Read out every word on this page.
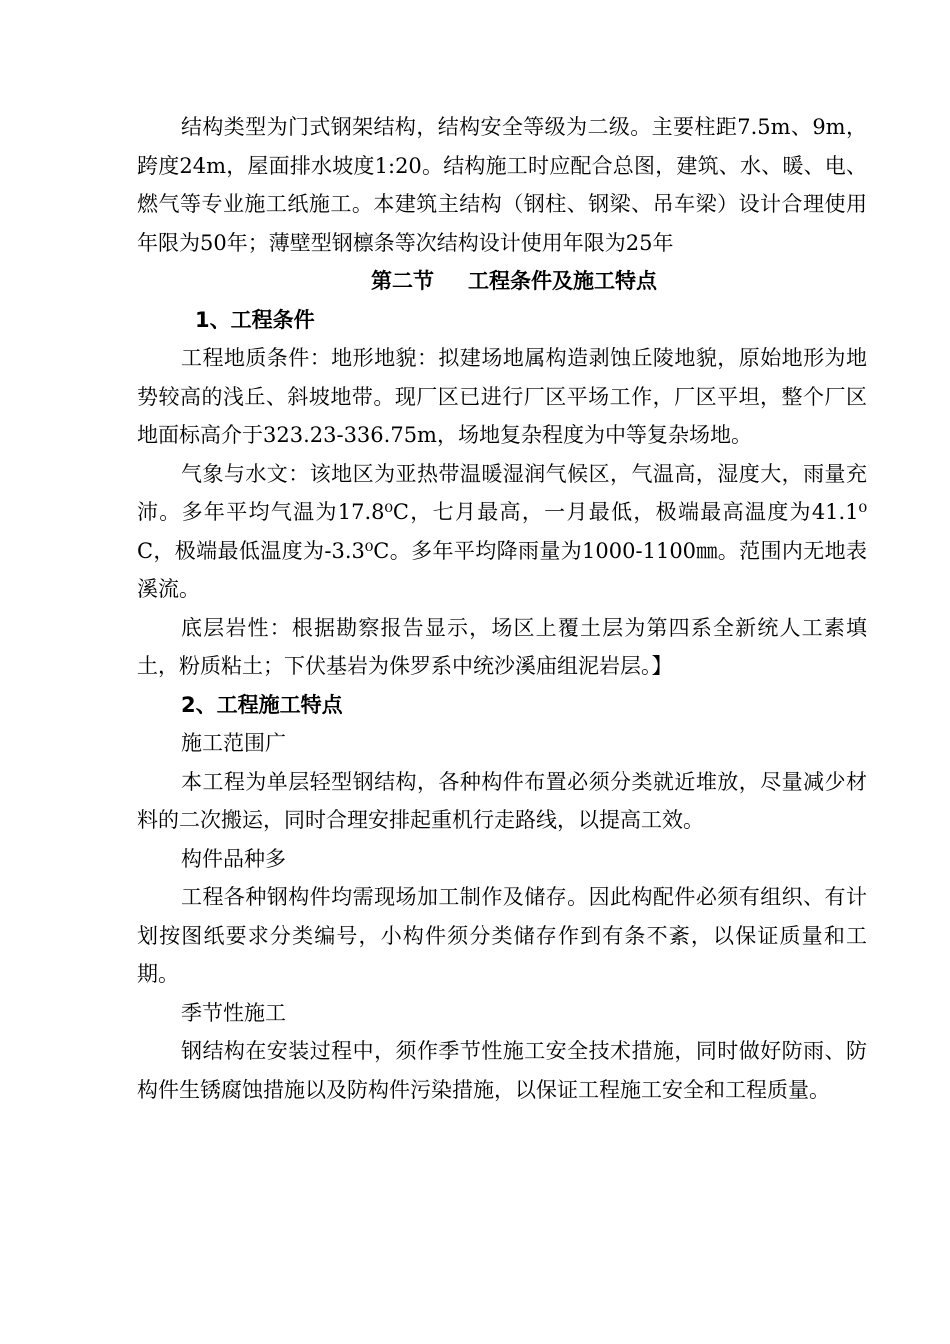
结构类型为门式钢架结构，结构安全等级为二级。主要柱距7.5m、9m，跨度24m，屋面排水坡度1:20。结构施工时应配合总图，建筑、水、暖、电、燃气等专业施工纸施工。本建筑主结构（钢柱、钢梁、吊车梁）设计合理使用年限为50年；薄壁型钢檩条等次结构设计使用年限为25年

第二节 工程条件及施工特点

1、工程条件

工程地质条件：地形地貌：拟建场地属构造剥蚀丘陵地貌，原始地形为地势较高的浅丘、斜坡地带。现厂区已进行厂区平场工作，厂区平坦，整个厂区地面标高介于323.23-336.75m，场地复杂程度为中等复杂场地。

气象与水文：该地区为亚热带温暖湿润气候区，气温高，湿度大，雨量充沛。多年平均气温为17.8⁰C，七月最高，一月最低，极端最高温度为41.1⁰C，极端最低温度为-3.3⁰C。多年平均降雨量为1000-1100㎜。范围内无地表溪流。

底层岩性：根据勘察报告显示，场区上覆土层为第四系全新统人工素填土，粉质粘土；下伏基岩为侏罗系中统沙溪庙组泥岩层。】

2、工程施工特点

施工范围广

本工程为单层轻型钢结构，各种构件布置必须分类就近堆放，尽量减少材料的二次搬运，同时合理安排起重机行走路线，以提高工效。

构件品种多

工程各种钢构件均需现场加工制作及储存。因此构配件必须有组织、有计划按图纸要求分类编号，小构件须分类储存作到有条不紊，以保证质量和工期。

季节性施工

钢结构在安装过程中，须作季节性施工安全技术措施，同时做好防雨、防构件生锈腐蚀措施以及防构件污染措施，以保证工程施工安全和工程质量。
